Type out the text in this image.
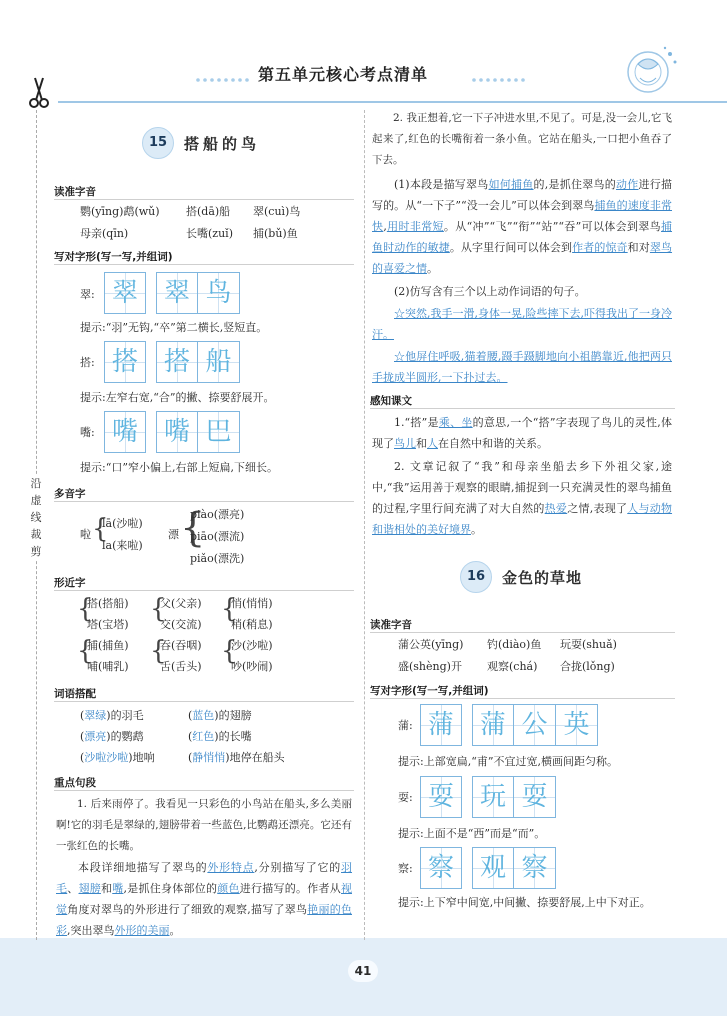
第五单元核心考点清单
沿虚线裁剪
15	搭船的鸟
读准字音
鹦(yīng)鹉(wǔ) 搭(dā)船 翠(cuì)鸟
母亲(qīn)	长嘴(zuǐ) 捕(bǔ)鱼
写对字形(写一写,并组词)
翠: 翠 翠 鸟
提示:“羽”无钩,“卒”第二横长,竖短直。
搭: 搭 搭 船
提示:左窄右宽,“合”的撇、捺要舒展开。
嘴: 嘴 嘴 巴
提示:“口”窄小偏上,右部上短扁,下细长。
多音字
啦 {
lā(沙啦)
la(来啦)
漂 {
piào(漂亮)
piāo(漂流)
piǎo(漂洗)
形近字
{
搭(搭船)
塔(宝塔)
{
父(父亲)
交(交流)
{
悄(悄悄)
稍(稍息)
{
捕(捕鱼)
哺(哺乳)
{
吞(吞咽)
舌(舌头)
{
沙(沙啦)
吵(吵闹)
词语搭配
(翠绿)的羽毛	(蓝色)的翅膀
(漂亮)的鹦鹉	(红色)的长嘴
(沙啦沙啦)地响	(静悄悄)地停在船头
重点句段
1. 后来雨停了。我看见一只彩色的小鸟站在船头,多么美丽啊!它的羽毛是翠绿的,翅膀带着一些蓝色,比鹦鹉还漂亮。它还有一张红色的长嘴。
本段详细地描写了翠鸟的外形特点,分别描写了它的羽毛、翅膀和嘴,是抓住身体部位的颜色进行描写的。作者从视觉角度对翠鸟的外形进行了细致的观察,描写了翠鸟艳丽的色彩,突出翠鸟外形的美丽。
2. 我正想着,它一下子冲进水里,不见了。可是,没一会儿,它飞起来了,红色的长嘴衔着一条小鱼。它站在船头,一口把小鱼吞了下去。
(1)本段是描写翠鸟如何捕鱼的,是抓住翠鸟的动作进行描写的。从“一下子”“没一会儿”可以体会到翠鸟捕鱼的速度非常快,用时非常短。从“冲”“飞”“衔”“站”“吞”可以体会到翠鸟捕鱼时动作的敏捷。从字里行间可以体会到作者的惊奇和对翠鸟的喜爱之情。
(2)仿写含有三个以上动作词语的句子。
☆突然,我手一滑,身体一晃,险些摔下去,吓得我出了一身冷汗。
☆他屏住呼吸,猫着腰,蹑手蹑脚地向小祖鹊靠近,他把两只手拢成半圆形,一下扑过去。
感知课文
1.“搭”是乘、坐的意思,一个“搭”字表现了鸟儿的灵性,体现了鸟儿和人在自然中和谐的关系。
2. 文章记叙了“我”和母亲坐船去乡下外祖父家,途中,“我”运用善于观察的眼睛,捕捉到一只充满灵性的翠鸟捕鱼的过程,字里行间充满了对大自然的热爱之情,表现了人与动物和谐相处的美好境界。
16	金色的草地
读准字音
蒲公英(yīng) 钓(diào)鱼 玩耍(shuǎ)
盛(shèng)开 观察(chá) 合拢(lǒng)
写对字形(写一写,并组词)
蒲: 蒲 蒲 公 英
提示:上部宽扁,“甫”不宜过宽,横画间距匀称。
耍: 耍 玩 耍
提示:上面不是“西”而是“而”。
察: 察 观 察
提示:上下窄中间宽,中间撇、捺要舒展,上中下对正。
41
